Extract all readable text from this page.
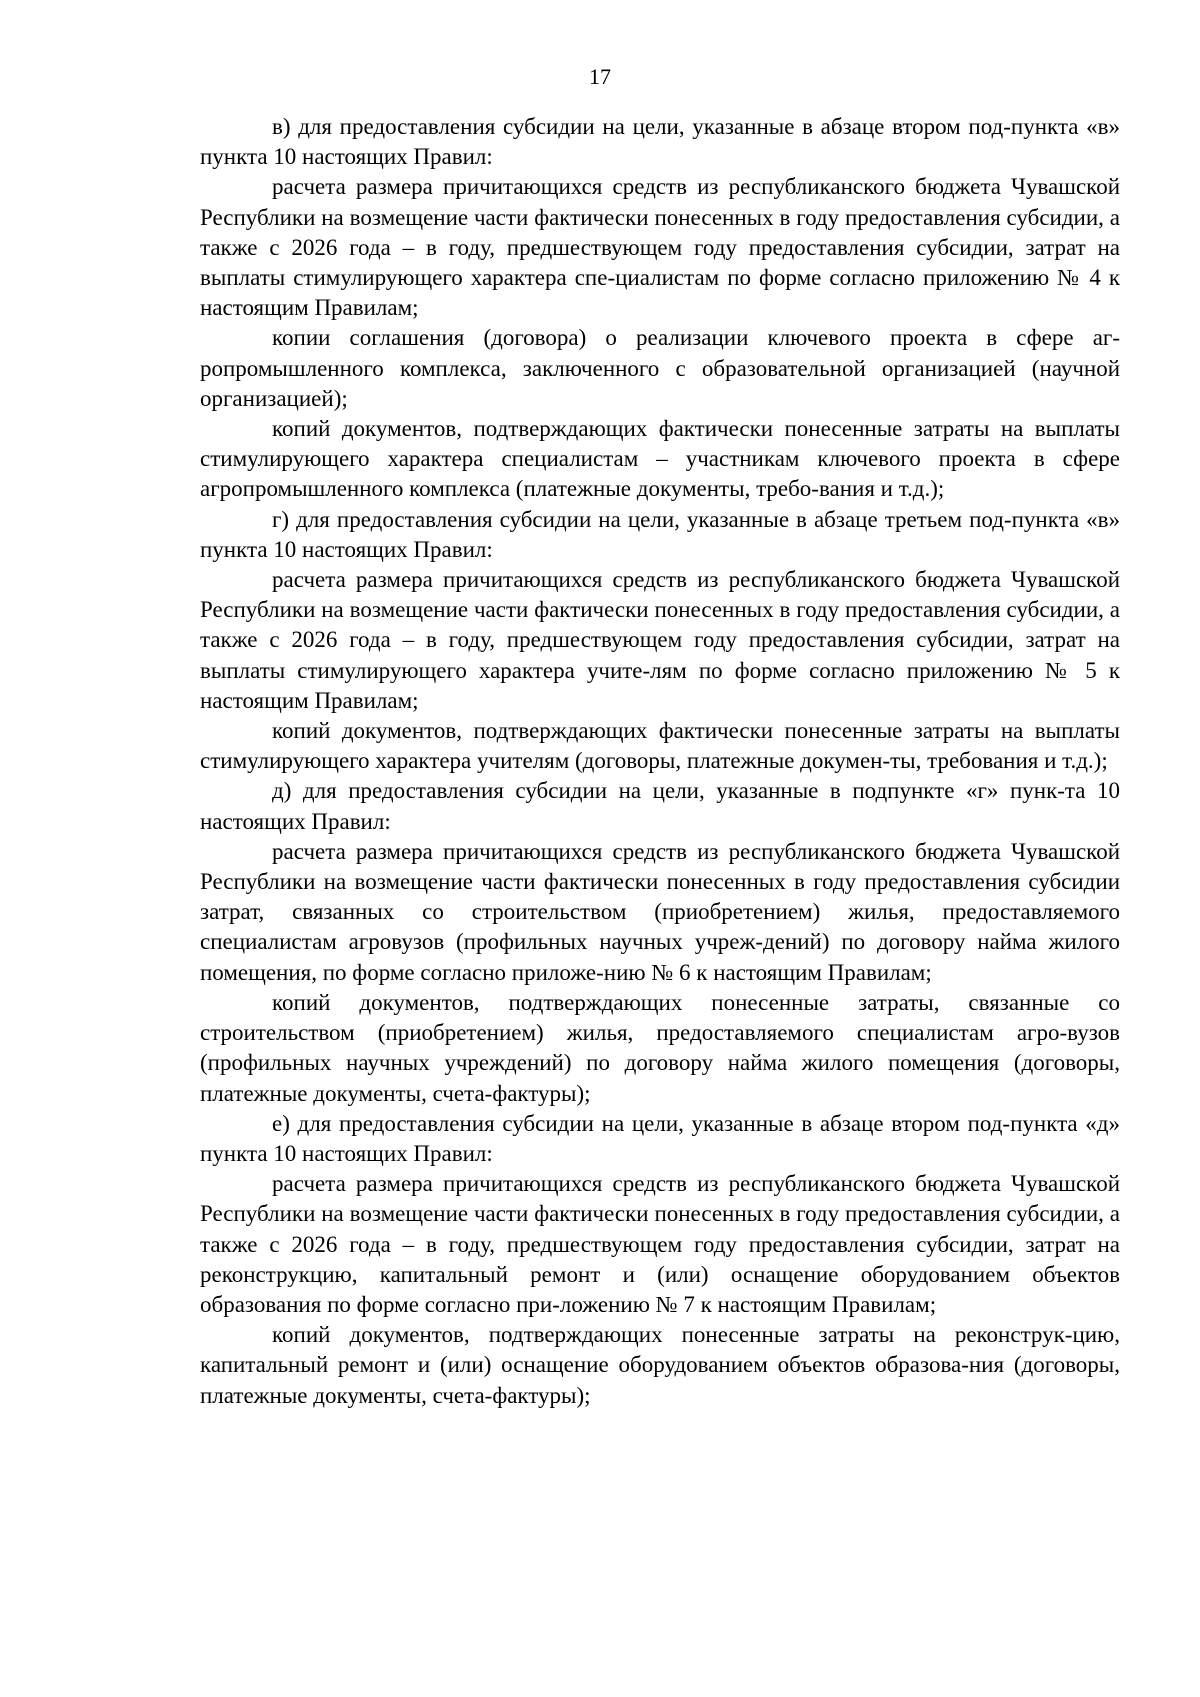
17

в) для предоставления субсидии на цели, указанные в абзаце втором под-пункта «в» пункта 10 настоящих Правил:

расчета размера причитающихся средств из республиканского бюджета Чувашской Республики на возмещение части фактически понесенных в году предоставления субсидии, а также с 2026 года – в году, предшествующем году предоставления субсидии, затрат на выплаты стимулирующего характера спе-циалистам по форме согласно приложению № 4 к настоящим Правилам;

копии соглашения (договора) о реализации ключевого проекта в сфере аг-ропромышленного комплекса, заключенного с образовательной организацией (научной организацией);

копий документов, подтверждающих фактически понесенные затраты на выплаты стимулирующего характера специалистам – участникам ключевого проекта в сфере агропромышленного комплекса (платежные документы, требо-вания и т.д.);

г) для предоставления субсидии на цели, указанные в абзаце третьем под-пункта «в» пункта 10 настоящих Правил:

расчета размера причитающихся средств из республиканского бюджета Чувашской Республики на возмещение части фактически понесенных в году предоставления субсидии, а также с 2026 года – в году, предшествующем году предоставления субсидии, затрат на выплаты стимулирующего характера учите-лям по форме согласно приложению № 5 к настоящим Правилам;

копий документов, подтверждающих фактически понесенные затраты на выплаты стимулирующего характера учителям (договоры, платежные докумен-ты, требования и т.д.);

д) для предоставления субсидии на цели, указанные в подпункте «г» пунк-та 10 настоящих Правил:

расчета размера причитающихся средств из республиканского бюджета Чувашской Республики на возмещение части фактически понесенных в году предоставления субсидии затрат, связанных со строительством (приобретением) жилья, предоставляемого специалистам агровузов (профильных научных учреж-дений) по договору найма жилого помещения, по форме согласно приложе-нию № 6 к настоящим Правилам;

копий документов, подтверждающих понесенные затраты, связанные со строительством (приобретением) жилья, предоставляемого специалистам агро-вузов (профильных научных учреждений) по договору найма жилого помещения (договоры, платежные документы, счета-фактуры);

е) для предоставления субсидии на цели, указанные в абзаце втором под-пункта «д» пункта 10 настоящих Правил:

расчета размера причитающихся средств из республиканского бюджета Чувашской Республики на возмещение части фактически понесенных в году предоставления субсидии, а также с 2026 года – в году, предшествующем году предоставления субсидии, затрат на реконструкцию, капитальный ремонт и (или) оснащение оборудованием объектов образования по форме согласно при-ложению № 7 к настоящим Правилам;

копий документов, подтверждающих понесенные затраты на реконструк-цию, капитальный ремонт и (или) оснащение оборудованием объектов образова-ния (договоры, платежные документы, счета-фактуры);
